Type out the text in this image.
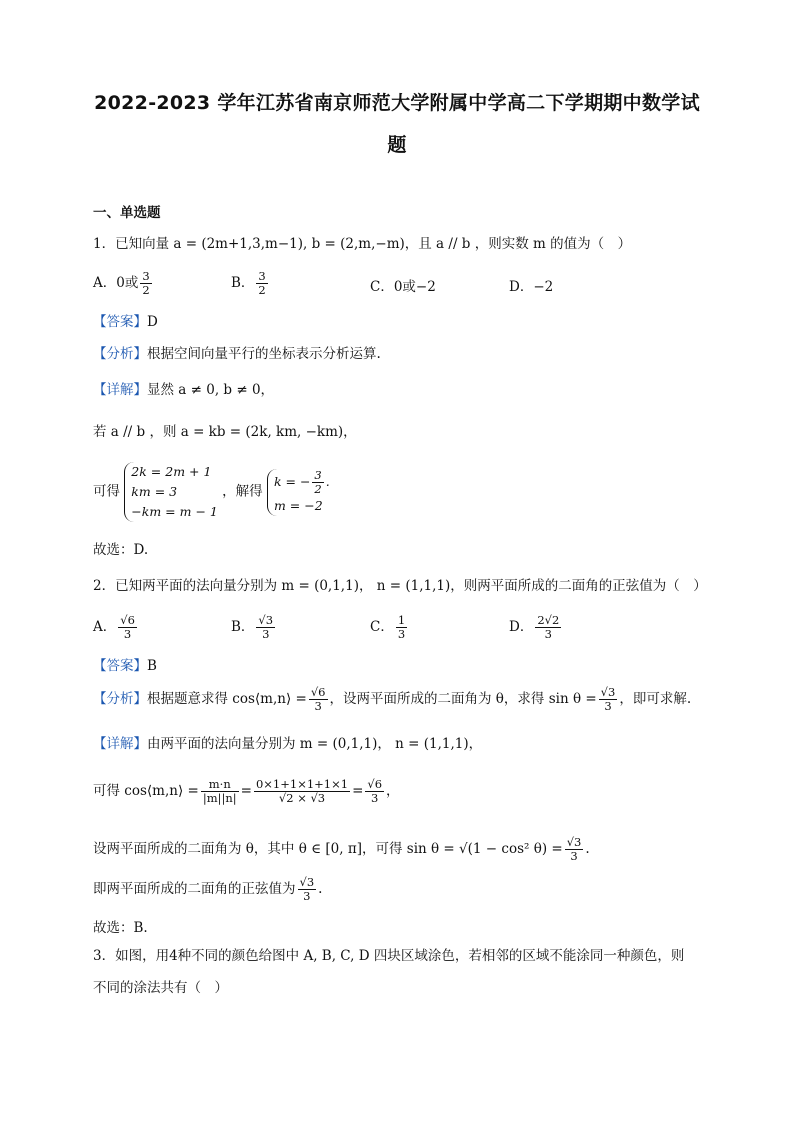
2022-2023 学年江苏省南京师范大学附属中学高二下学期期中数学试
题
一、单选题
1．已知向量 a = (2m+1,3,m−1), b = (2,m,−m)，且 a // b ，则实数 m 的值为（　）
A．0或 $\frac{3}{2}$	B． $\frac{3}{2}$	C．0或−2	D．−2
【答案】D
【分析】根据空间向量平行的坐标表示分析运算.
【详解】显然 a ≠ 0, b ≠ 0，
若 a // b ，则 a = kb = (2k, km, −km)，
可得
2k = 2m + 1
km = 3
−km = m − 1
，解得
k = − $\frac{3}{2}$ .
m = −2
故选：D.
2．已知两平面的法向量分别为 m = (0,1,1)， n = (1,1,1)，则两平面所成的二面角的正弦值为（　）
A． $\frac{√6}{3}$	B． $\frac{√3}{3}$	C． $\frac{1}{3}$	D． $\frac{2√2}{3}$
【答案】B
【分析】根据题意求得 cos⟨m,n⟩ = $\frac{√6}{3}$ ，设两平面所成的二面角为 θ，求得 $\sin \theta = \frac{√3}{3}$ ，即可求解.
【详解】由两平面的法向量分别为 m = (0,1,1)， n = (1,1,1)，
可得 cos⟨m,n⟩ = $\frac{m\cdot n}{|m||n|} = \frac{0\times 1+1\times 1+1\times 1}{√2 \times √3} = \frac{√6}{3}$ ，
设两平面所成的二面角为 θ，其中 θ ∈ [0, π]，可得 sin θ = √(1 − cos² $\theta) = \frac{√3}{3}$ .
即两平面所成的二面角的正弦值为 $\frac{√3}{3}$ .
故选：B.
3．如图，用4种不同的颜色给图中 A, B, C, D 四块区域涂色，若相邻的区域不能涂同一种颜色，则
不同的涂法共有（　）
